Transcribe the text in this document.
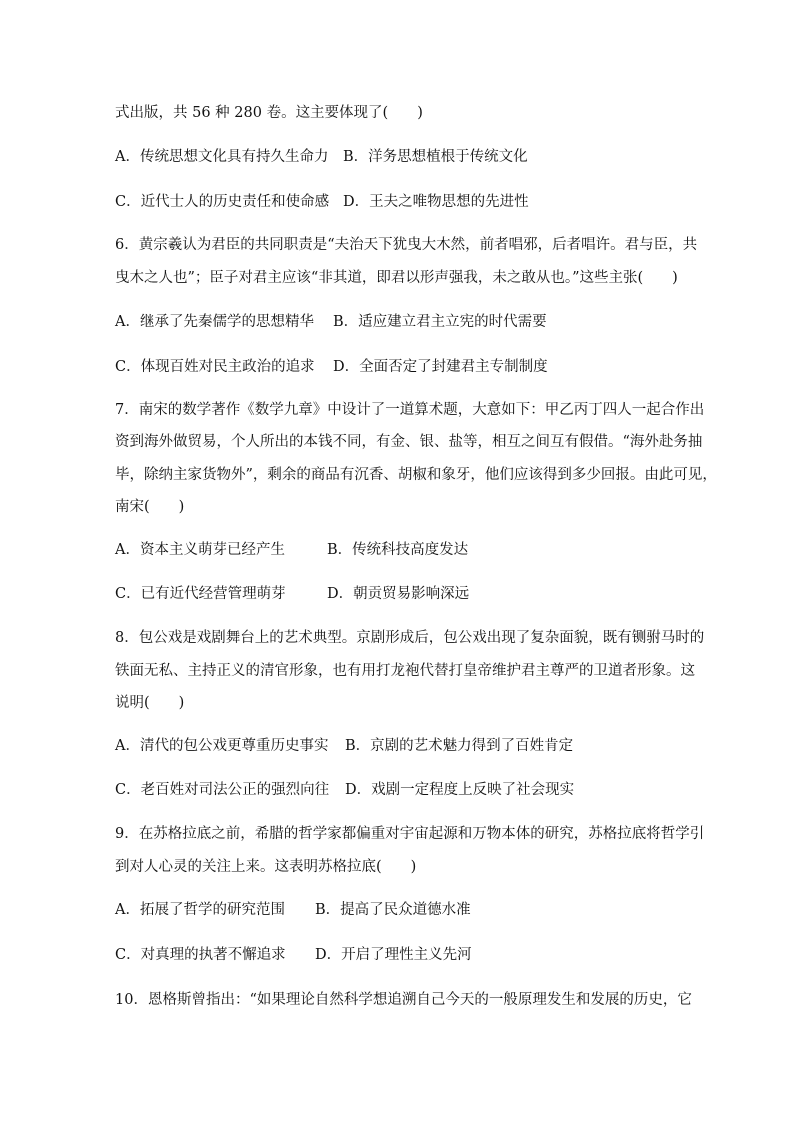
式出版，共 56 种 280 卷。这主要体现了(　　)
A．传统思想文化具有持久生命力 B．洋务思想植根于传统文化
C．近代士人的历史责任和使命感 D．王夫之唯物思想的先进性
6．黄宗羲认为君臣的共同职责是“夫治天下犹曳大木然，前者唱邪，后者唱许。君与臣，共
曳木之人也”；臣子对君主应该“非其道，即君以形声强我，未之敢从也。”这些主张(　　)
A．继承了先秦儒学的思想精华 B．适应建立君主立宪的时代需要
C．体现百姓对民主政治的追求 D．全面否定了封建君主专制制度
7．南宋的数学著作《数学九章》中设计了一道算术题，大意如下：甲乙丙丁四人一起合作出
资到海外做贸易，个人所出的本钱不同，有金、银、盐等，相互之间互有假借。“海外赴务抽
毕，除纳主家货物外”，剩余的商品有沉香、胡椒和象牙，他们应该得到多少回报。由此可见，
南宋(　　)
A．资本主义萌芽已经产生	B．传统科技高度发达
C．已有近代经营管理萌芽	D．朝贡贸易影响深远
8．包公戏是戏剧舞台上的艺术典型。京剧形成后，包公戏出现了复杂面貌，既有铡驸马时的
铁面无私、主持正义的清官形象，也有用打龙袍代替打皇帝维护君主尊严的卫道者形象。这
说明(　　)
A．清代的包公戏更尊重历史事实 B．京剧的艺术魅力得到了百姓肯定
C．老百姓对司法公正的强烈向往 D．戏剧一定程度上反映了社会现实
9．在苏格拉底之前，希腊的哲学家都偏重对宇宙起源和万物本体的研究，苏格拉底将哲学引
到对人心灵的关注上来。这表明苏格拉底(　　)
A．拓展了哲学的研究范围 B．提高了民众道德水准
C．对真理的执著不懈追求 D．开启了理性主义先河
10．恩格斯曾指出：“如果理论自然科学想追溯自己今天的一般原理发生和发展的历史，它
